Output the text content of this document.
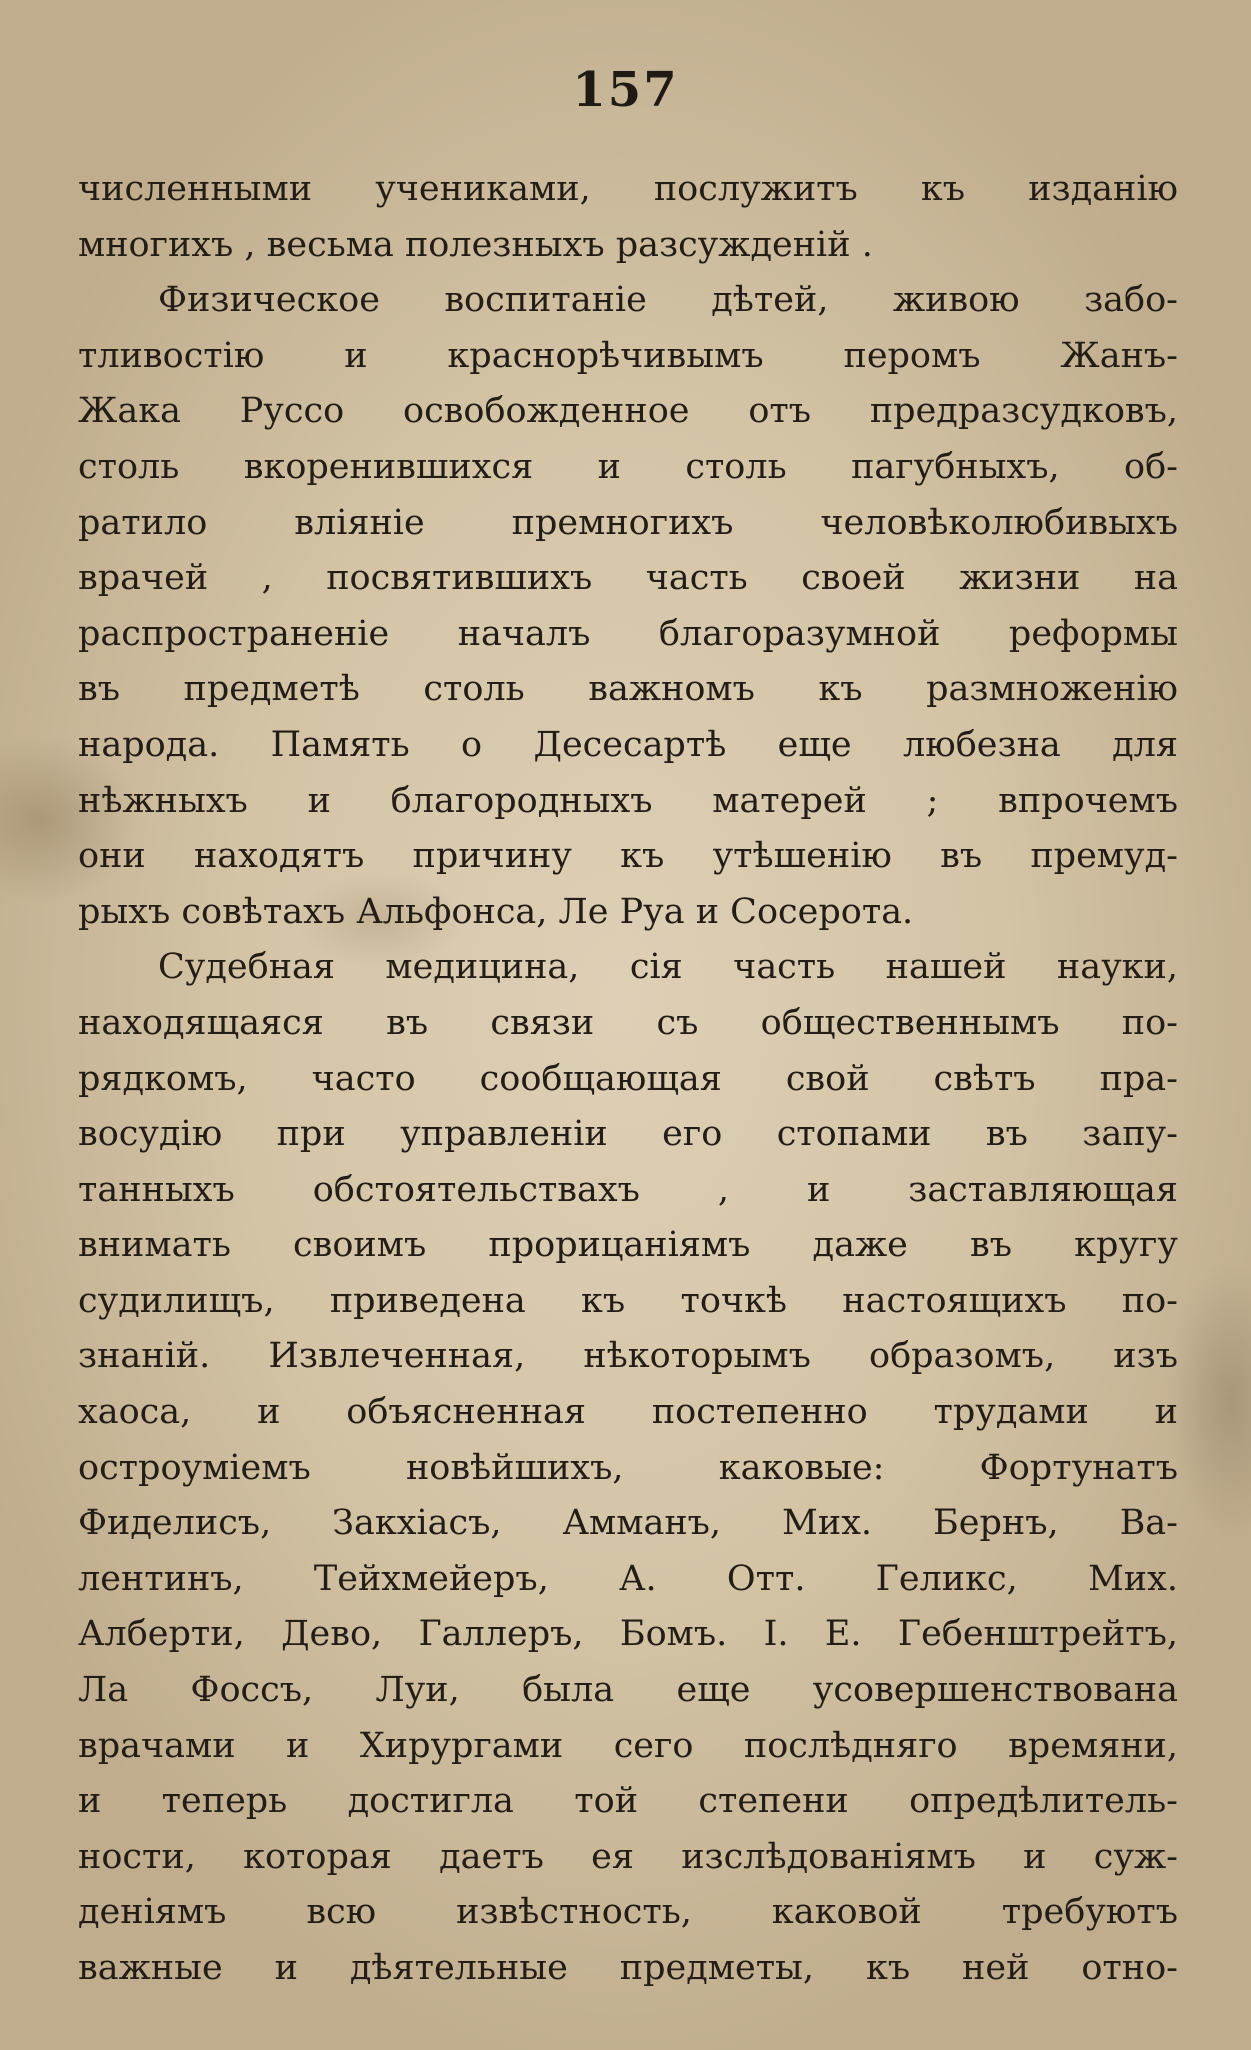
157
численными учениками, послужитъ къ изданію
многихъ , весьма полезныхъ разсужденій .
Физическое воспитаніе дѣтей, живою забо-
тливостію и краснорѣчивымъ перомъ Жанъ-
Жака Руссо освобожденное отъ предразсудковъ,
столь вкоренившихся и столь пагубныхъ, об-
ратило вліяніе премногихъ человѣколюбивыхъ
врачей , посвятившихъ часть своей жизни на
распространеніе началъ благоразумной реформы
въ предметѣ столь важномъ къ размноженію
народа. Память о Десесартѣ еще любезна для
нѣжныхъ и благородныхъ матерей ; впрочемъ
они находятъ причину къ утѣшенію въ премуд-
рыхъ совѣтахъ Альфонса, Ле Руа и Сосерота.
Судебная медицина, сія часть нашей науки,
находящаяся въ связи съ общественнымъ по-
рядкомъ, часто сообщающая свой свѣтъ пра-
восудію при управленіи его стопами въ запу-
танныхъ обстоятельствахъ , и заставляющая
внимать своимъ прорицаніямъ даже въ кругу
судилищъ, приведена къ точкѣ настоящихъ по-
знаній. Извлеченная, нѣкоторымъ образомъ, изъ
хаоса, и объясненная постепенно трудами и
остроуміемъ новѣйшихъ, каковые: Фортунатъ
Фиделисъ, Закхіасъ, Амманъ, Мих. Бернъ, Ва-
лентинъ, Тейхмейеръ, А. Отт. Геликс, Мих.
Алберти, Дево, Галлеръ, Бомъ. I. Е. Гебенштрейтъ,
Ла Фоссъ, Луи, была еще усовершенствована
врачами и Хирургами сего послѣдняго времяни,
и теперь достигла той степени опредѣлитель-
ности, которая даетъ ея изслѣдованіямъ и суж-
деніямъ всю извѣстность, каковой требуютъ
важные и дѣятельные предметы, къ ней отно-
